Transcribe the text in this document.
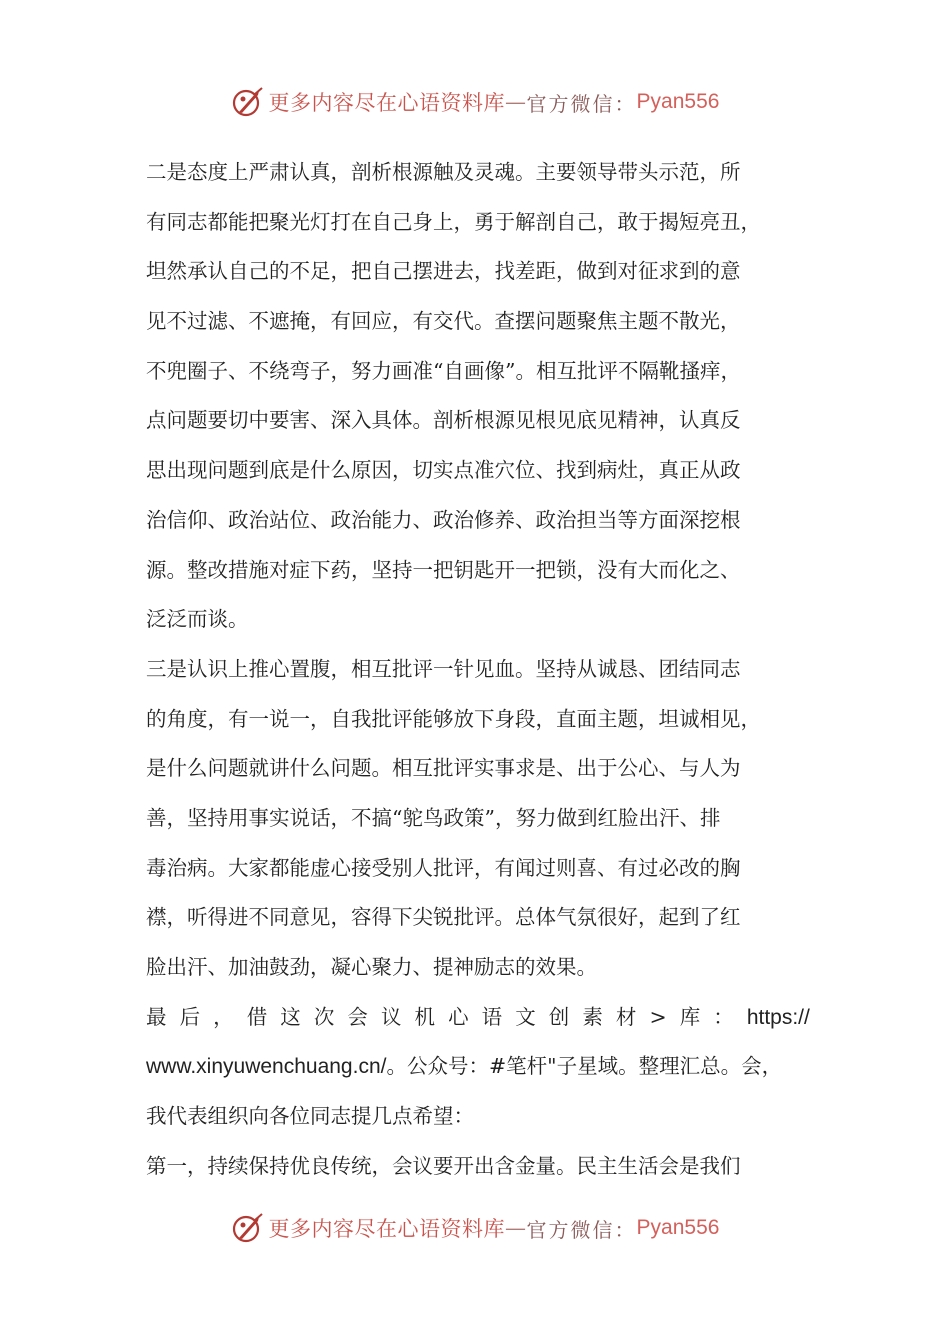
更多内容尽在心语资料库 — 官方微信： Pyan556
二是态度上严肃认真，剖析根源触及灵魂。主要领导带头示范，所
有同志都能把聚光灯打在自己身上，勇于解剖自己，敢于揭短亮丑，
坦然承认自己的不足，把自己摆进去，找差距，做到对征求到的意
见不过滤、不遮掩，有回应，有交代。查摆问题聚焦主题不散光，
不兜圈子、不绕弯子，努力画准“自画像”。相互批评不隔靴搔痒，
点问题要切中要害、深入具体。剖析根源见根见底见精神，认真反
思出现问题到底是什么原因，切实点准穴位、找到病灶，真正从政
治信仰、政治站位、政治能力、政治修养、政治担当等方面深挖根
源。整改措施对症下药，坚持一把钥匙开一把锁，没有大而化之、
泛泛而谈。
三是认识上推心置腹，相互批评一针见血。坚持从诚恳、团结同志
的角度，有一说一，自我批评能够放下身段，直面主题，坦诚相见，
是什么问题就讲什么问题。相互批评实事求是、出于公心、与人为
善，坚持用事实说话，不搞“鸵鸟政策”，努力做到红脸出汗、排
毒治病。大家都能虚心接受别人批评，有闻过则喜、有过必改的胸
襟，听得进不同意见，容得下尖锐批评。总体气氛很好，起到了红
脸出汗、加油鼓劲，凝心聚力、提神励志的效果。
最 后 ， 借 这 次 会 议 机 心 语 文 创 素 材 > 库 ： https://
www.xinyuwenchuang.cn/。公众号：#笔杆"子星域。整理汇总。会，
我代表组织向各位同志提几点希望：
第一，持续保持优良传统，会议要开出含金量。民主生活会是我们
更多内容尽在心语资料库 — 官方微信： Pyan556
